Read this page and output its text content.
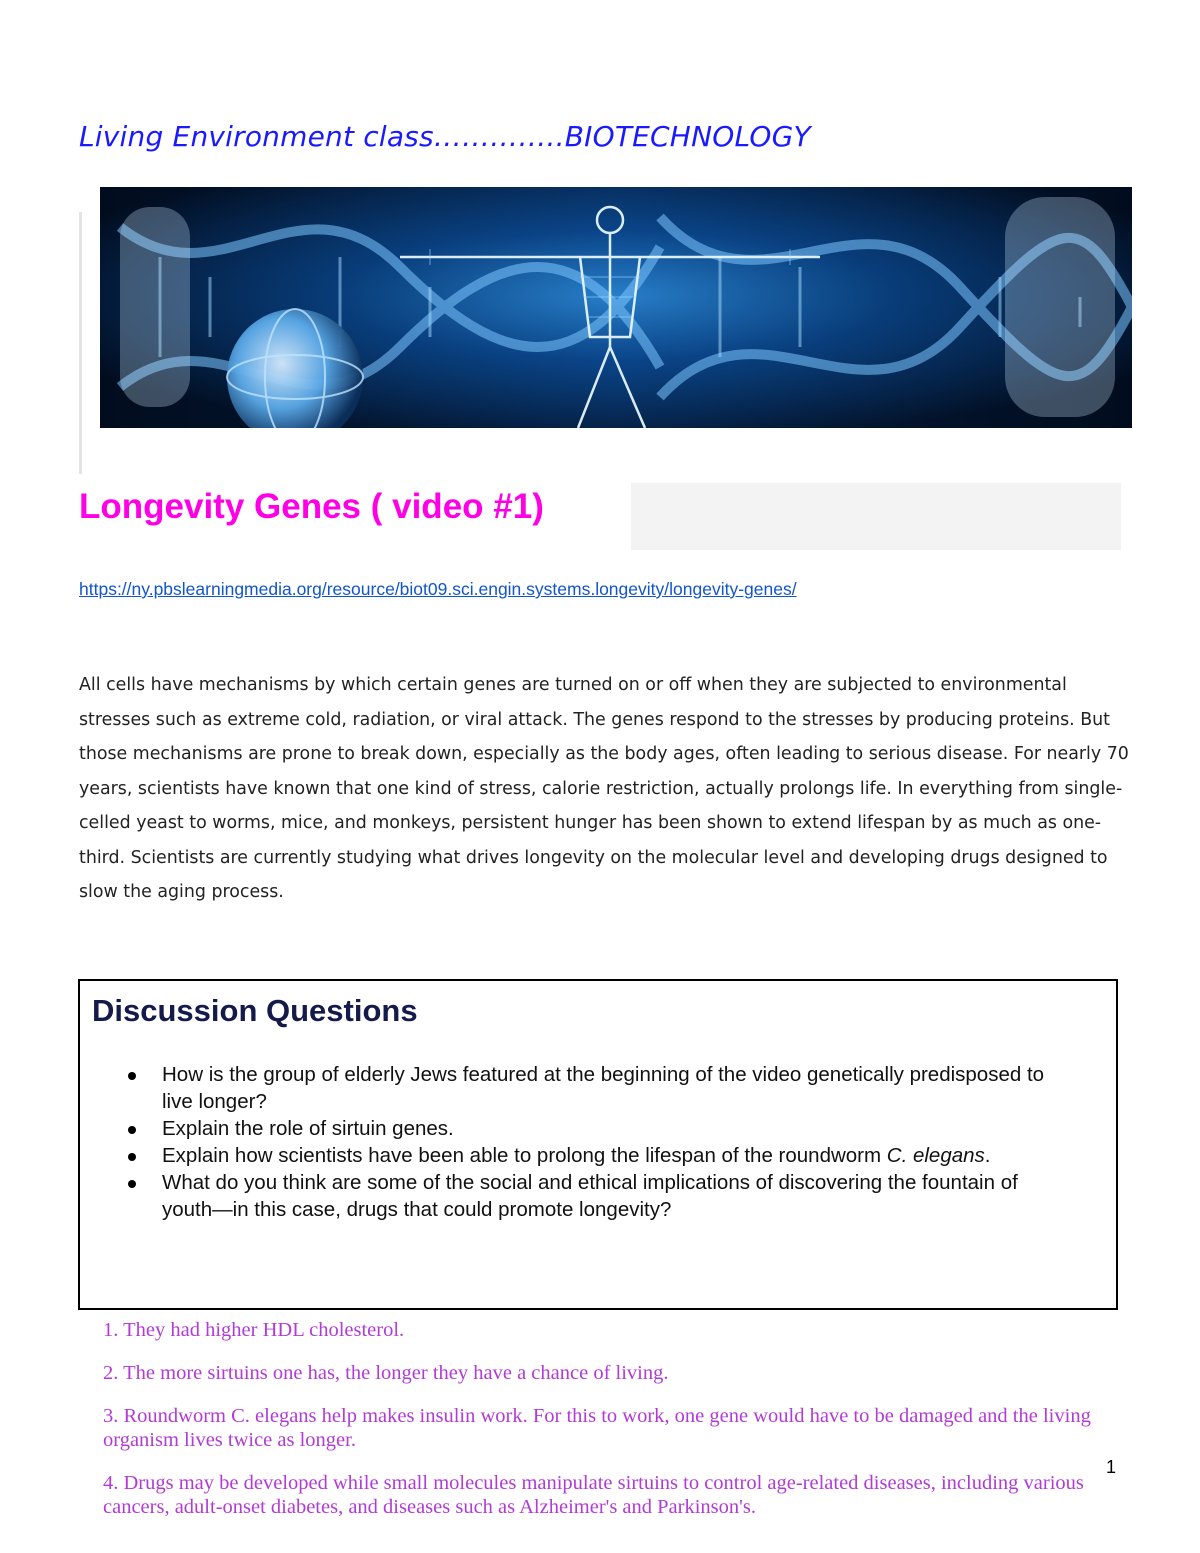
Living Environment class…………..BIOTECHNOLOGY
Longevity Genes ( video #1)
https://ny.pbslearningmedia.org/resource/biot09.sci.engin.systems.longevity/longevity-genes/

All cells have mechanisms by which certain genes are turned on or off when they are subjected to environmental stresses such as extreme cold, radiation, or viral attack. The genes respond to the stresses by producing proteins. But those mechanisms are prone to break down, especially as the body ages, often leading to serious disease. For nearly 70 years, scientists have known that one kind of stress, calorie restriction, actually prolongs life. In everything from single-celled yeast to worms, mice, and monkeys, persistent hunger has been shown to extend lifespan by as much as one-third. Scientists are currently studying what drives longevity on the molecular level and developing drugs designed to slow the aging process.

Discussion Questions
How is the group of elderly Jews featured at the beginning of the video genetically predisposed to live longer?
Explain the role of sirtuin genes.
Explain how scientists have been able to prolong the lifespan of the roundworm C. elegans.
What do you think are some of the social and ethical implications of discovering the fountain of youth—in this case, drugs that could promote longevity?

1. They had higher HDL cholesterol.

2. The more sirtuins one has, the longer they have a chance of living.

3. Roundworm C. elegans help makes insulin work. For this to work, one gene would have to be damaged and the living organism lives twice as longer.

4. Drugs may be developed while small molecules manipulate sirtuins to control age-related diseases, including various cancers, adult-onset diabetes, and diseases such as Alzheimer's and Parkinson's.

1
